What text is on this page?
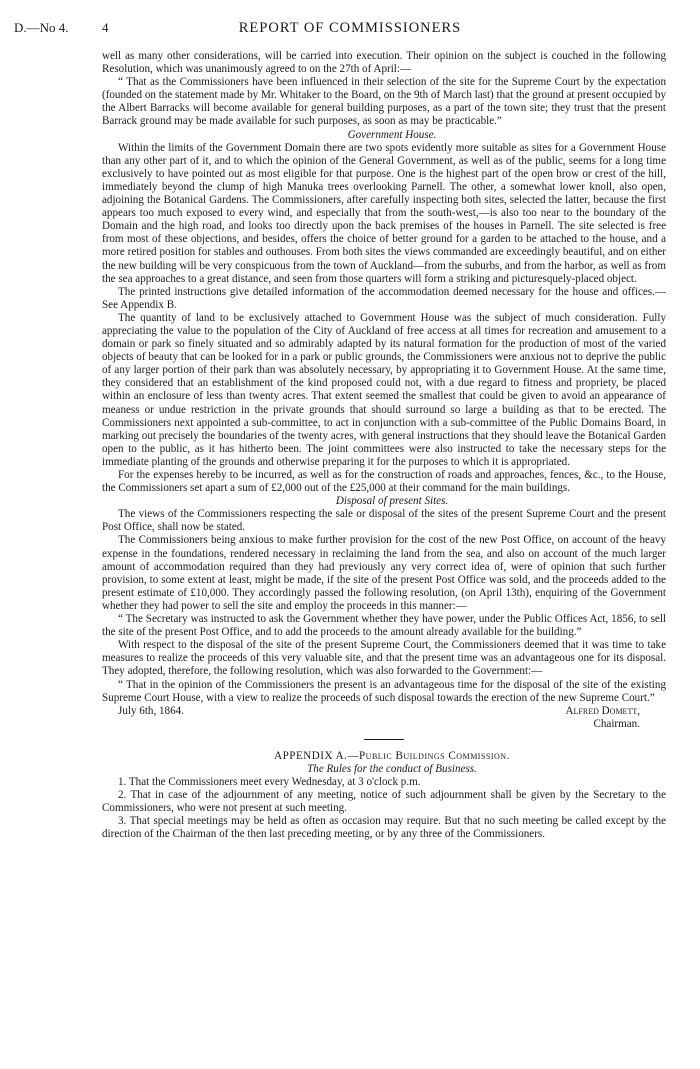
D.—No 4.	4	REPORT OF COMMISSIONERS

well as many other considerations, will be carried into execution. Their opinion on the subject is couched in the following Resolution, which was unanimously agreed to on the 27th of April:—

“ That as the Commissioners have been influenced in their selection of the site for the Supreme Court by the expectation (founded on the statement made by Mr. Whitaker to the Board, on the 9th of March last) that the ground at present occupied by the Albert Barracks will become available for general building purposes, as a part of the town site; they trust that the present Barrack ground may be made available for such purposes, as soon as may be practicable.”

Government House.

Within the limits of the Government Domain there are two spots evidently more suitable as sites for a Government House than any other part of it, and to which the opinion of the General Government, as well as of the public, seems for a long time exclusively to have pointed out as most eligible for that purpose. One is the highest part of the open brow or crest of the hill, immediately beyond the clump of high Manuka trees overlooking Parnell. The other, a somewhat lower knoll, also open, adjoining the Botanical Gardens. The Commissioners, after carefully inspecting both sites, selected the latter, because the first appears too much exposed to every wind, and especially that from the south-west,—is also too near to the boundary of the Domain and the high road, and looks too directly upon the back premises of the houses in Parnell. The site selected is free from most of these objections, and besides, offers the choice of better ground for a garden to be attached to the house, and a more retired position for stables and outhouses. From both sites the views commanded are exceedingly beautiful, and on either the new building will be very conspicuous from the town of Auckland—from the suburbs, and from the harbor, as well as from the sea approaches to a great distance, and seen from those quarters will form a striking and picturesquely-placed object.

The printed instructions give detailed information of the accommodation deemed necessary for the house and offices.—See Appendix B.

The quantity of land to be exclusively attached to Government House was the subject of much consideration. Fully appreciating the value to the population of the City of Auckland of free access at all times for recreation and amusement to a domain or park so finely situated and so admirably adapted by its natural formation for the production of most of the varied objects of beauty that can be looked for in a park or public grounds, the Commissioners were anxious not to deprive the public of any larger portion of their park than was absolutely necessary, by appropriating it to Government House. At the same time, they considered that an establishment of the kind proposed could not, with a due regard to fitness and propriety, be placed within an enclosure of less than twenty acres. That extent seemed the smallest that could be given to avoid an appearance of meaness or undue restriction in the private grounds that should surround so large a building as that to be erected. The Commissioners next appointed a sub-committee, to act in conjunction with a sub-committee of the Public Domains Board, in marking out precisely the boundaries of the twenty acres, with general instructions that they should leave the Botanical Garden open to the public, as it has hitherto been. The joint committees were also instructed to take the necessary steps for the immediate planting of the grounds and otherwise preparing it for the purposes to which it is appropriated.

For the expenses hereby to be incurred, as well as for the construction of roads and approaches, fences, &c., to the House, the Commissioners set apart a sum of £2,000 out of the £25,000 at their command for the main buildings.

Disposal of present Sites.

The views of the Commissioners respecting the sale or disposal of the sites of the present Supreme Court and the present Post Office, shall now be stated.

The Commissioners being anxious to make further provision for the cost of the new Post Office, on account of the heavy expense in the foundations, rendered necessary in reclaiming the land from the sea, and also on account of the much larger amount of accommodation required than they had previously any very correct idea of, were of opinion that such further provision, to some extent at least, might be made, if the site of the present Post Office was sold, and the proceeds added to the present estimate of £10,000. They accordingly passed the following resolution, (on April 13th), enquiring of the Government whether they had power to sell the site and employ the proceeds in this manner:—

“ The Secretary was instructed to ask the Government whether they have power, under the Public Offices Act, 1856, to sell the site of the present Post Office, and to add the proceeds to the amount already available for the building.”

With respect to the disposal of the site of the present Supreme Court, the Commissioners deemed that it was time to take measures to realize the proceeds of this very valuable site, and that the present time was an advantageous one for its disposal. They adopted, therefore, the following resolution, which was also forwarded to the Government:—

“ That in the opinion of the Commissioners the present is an advantageous time for the disposal of the site of the existing Supreme Court House, with a view to realize the proceeds of such disposal towards the erection of the new Supreme Court.”

July 6th, 1864.	Alfred Domett,
Chairman.

APPENDIX A.—Public Buildings Commission.

The Rules for the conduct of Business.

1. That the Commissioners meet every Wednesday, at 3 o'clock p.m.

2. That in case of the adjournment of any meeting, notice of such adjournment shall be given by the Secretary to the Commissioners, who were not present at such meeting.

3. That special meetings may be held as often as occasion may require. But that no such meeting be called except by the direction of the Chairman of the then last preceding meeting, or by any three of the Commissioners.
